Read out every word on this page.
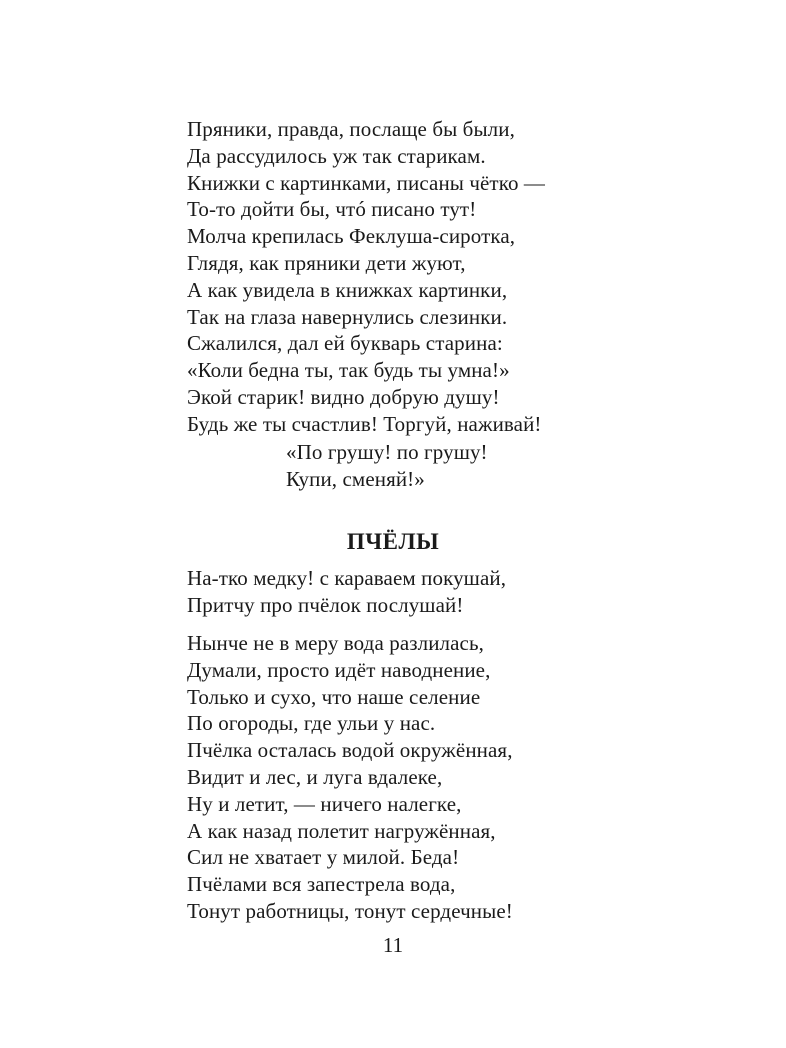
Пряники, правда, послаще бы были,
Да рассудилось уж так старикам.
Книжки с картинками, писаны чётко —
То-то дойти бы, чтó писано тут!
Молча крепилась Феклуша-сиротка,
Глядя, как пряники дети жуют,
А как увидела в книжках картинки,
Так на глаза навернулись слезинки.
Сжалился, дал ей букварь старина:
«Коли бедна ты, так будь ты умна!»
Экой старик! видно добрую душу!
Будь же ты счастлив! Торгуй, наживай!
«По грушу! по грушу!
Купи, сменяй!»
ПЧЁЛЫ
На-тко медку! с караваем покушай,
Притчу про пчёлок послушай!
Нынче не в меру вода разлилась,
Думали, просто идёт наводнение,
Только и сухо, что наше селение
По огороды, где ульи у нас.
Пчёлка осталась водой окружённая,
Видит и лес, и луга вдалеке,
Ну и летит, — ничего налегке,
А как назад полетит нагружённая,
Сил не хватает у милой. Беда!
Пчёлами вся запестрела вода,
Тонут работницы, тонут сердечные!
11
